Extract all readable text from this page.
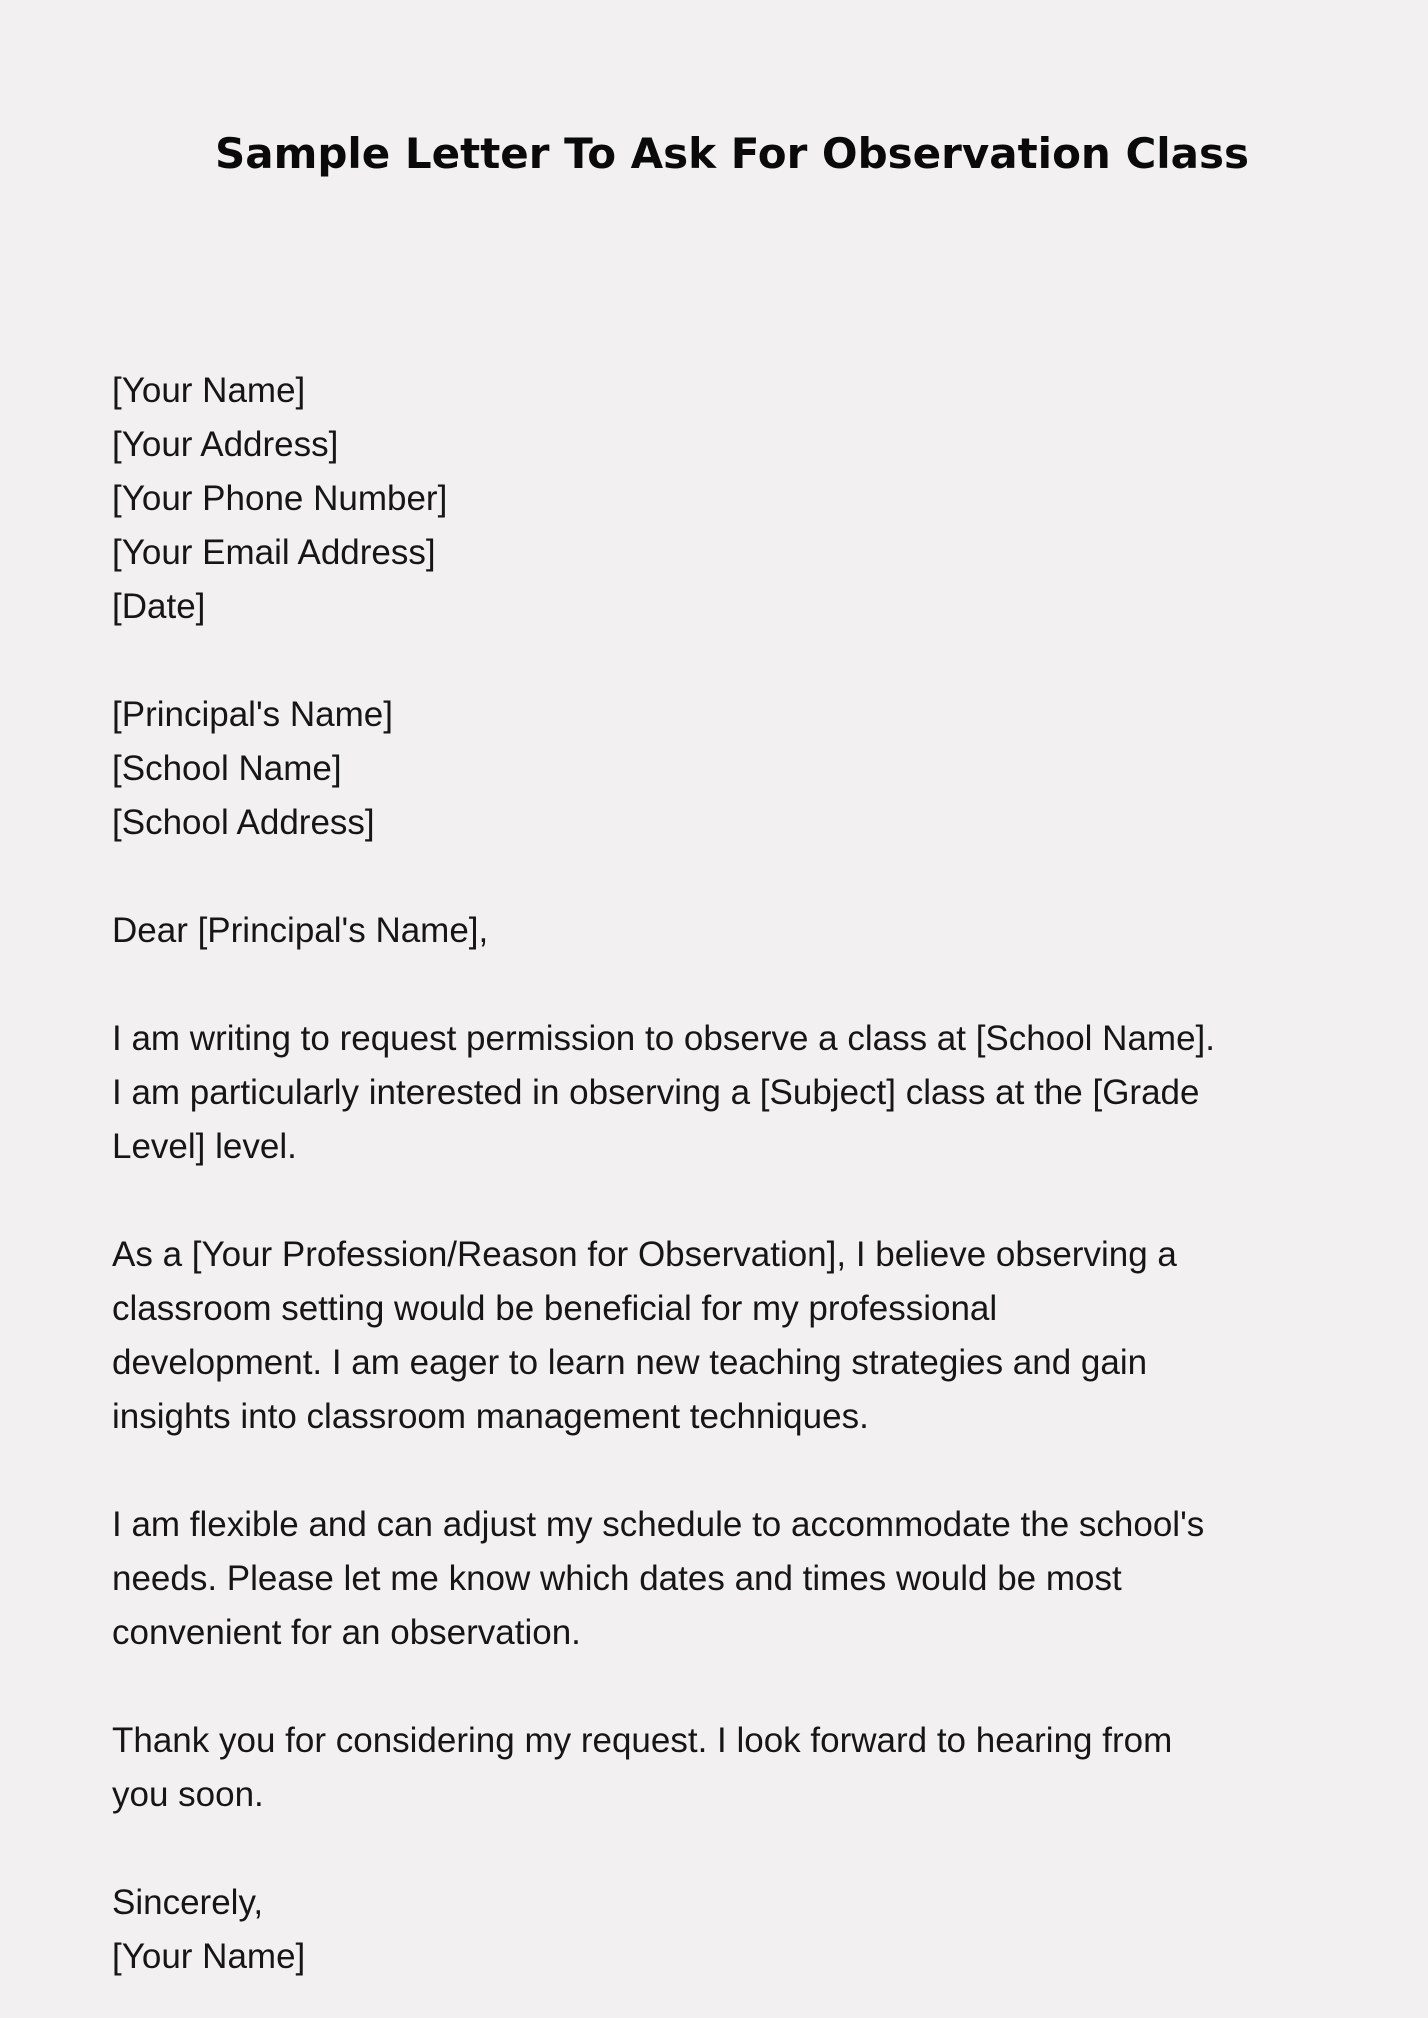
Sample Letter To Ask For Observation Class
[Your Name]
[Your Address]
[Your Phone Number]
[Your Email Address]
[Date]
[Principal's Name]
[School Name]
[School Address]
Dear [Principal's Name],
I am writing to request permission to observe a class at [School Name].
I am particularly interested in observing a [Subject] class at the [Grade
Level] level.
As a [Your Profession/Reason for Observation], I believe observing a
classroom setting would be beneficial for my professional
development. I am eager to learn new teaching strategies and gain
insights into classroom management techniques.
I am flexible and can adjust my schedule to accommodate the school's
needs. Please let me know which dates and times would be most
convenient for an observation.
Thank you for considering my request. I look forward to hearing from
you soon.
Sincerely,
[Your Name]
